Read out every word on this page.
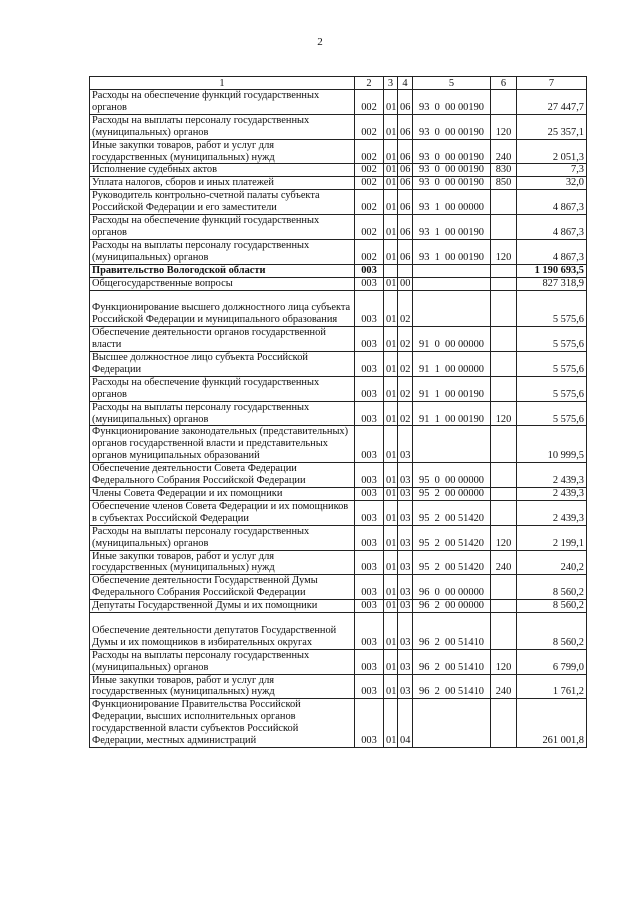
2
1	2	3	4	5	6	7
Расходы на обеспечение функций государственных органов	002	01	06	93  0  00 00190		27 447,7
Расходы на выплаты персоналу государственных (муниципальных) органов	002	01	06	93  0  00 00190	120	25 357,1
Иные закупки товаров, работ и услуг для государственных (муниципальных) нужд	002	01	06	93  0  00 00190	240	2 051,3
Исполнение судебных актов	002	01	06	93  0  00 00190	830	7,3
Уплата налогов, сборов и иных платежей	002	01	06	93  0  00 00190	850	32,0
Руководитель контрольно-счетной палаты субъекта Российской Федерации и его заместители	002	01	06	93  1  00 00000		4 867,3
Расходы на обеспечение функций государственных органов	002	01	06	93  1  00 00190		4 867,3
Расходы на выплаты персоналу государственных (муниципальных) органов	002	01	06	93  1  00 00190	120	4 867,3
Правительство Вологодской области	003					1 190 693,5
Общегосударственные вопросы	003	01	00			827 318,9
Функционирование высшего должностного лица субъекта Российской Федерации и муниципального образования	003	01	02			5 575,6
Обеспечение деятельности органов государственной власти	003	01	02	91  0  00 00000		5 575,6
Высшее должностное лицо субъекта Российской Федерации	003	01	02	91  1  00 00000		5 575,6
Расходы на обеспечение функций государственных органов	003	01	02	91  1  00 00190		5 575,6
Расходы на выплаты персоналу государственных (муниципальных) органов	003	01	02	91  1  00 00190	120	5 575,6
Функционирование законодательных (представительных) органов государственной власти и представительных органов муниципальных образований	003	01	03			10 999,5
Обеспечение деятельности Совета Федерации Федерального Собрания Российской Федерации	003	01	03	95  0  00 00000		2 439,3
Члены Совета Федерации и их помощники	003	01	03	95  2  00 00000		2 439,3
Обеспечение членов Совета Федерации и их помощников в субъектах Российской Федерации	003	01	03	95  2  00 51420		2 439,3
Расходы на выплаты персоналу государственных (муниципальных) органов	003	01	03	95  2  00 51420	120	2 199,1
Иные закупки товаров, работ и услуг для государственных (муниципальных) нужд	003	01	03	95  2  00 51420	240	240,2
Обеспечение деятельности Государственной Думы Федерального Собрания Российской Федерации	003	01	03	96  0  00 00000		8 560,2
Депутаты Государственной Думы и их помощники	003	01	03	96  2  00 00000		8 560,2
Обеспечение деятельности депутатов Государственной Думы и их помощников в избирательных округах	003	01	03	96  2  00 51410		8 560,2
Расходы на выплаты персоналу государственных (муниципальных) органов	003	01	03	96  2  00 51410	120	6 799,0
Иные закупки товаров, работ и услуг для государственных (муниципальных) нужд	003	01	03	96  2  00 51410	240	1 761,2
Функционирование Правительства Российской Федерации, высших исполнительных органов государственной власти субъектов Российской Федерации, местных администраций	003	01	04			261 001,8
